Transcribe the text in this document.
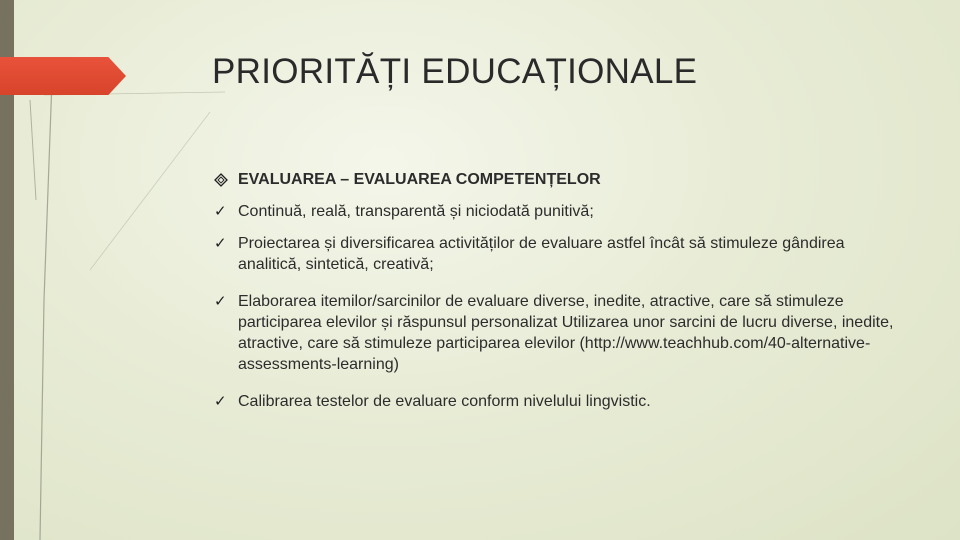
PRIORITĂȚI EDUCAȚIONALE
EVALUAREA – EVALUAREA COMPETENȚELOR
✓ Continuă, reală, transparentă și niciodată punitivă;
✓ Proiectarea și diversificarea activităților de evaluare astfel încât să stimuleze gândirea analitică, sintetică, creativă;
✓ Elaborarea itemilor/sarcinilor de evaluare diverse, inedite, atractive, care să stimuleze participarea elevilor și răspunsul personalizat Utilizarea unor sarcini de lucru diverse, inedite, atractive, care să stimuleze participarea elevilor (http://www.teachhub.com/40-alternative-assessments-learning)
✓ Calibrarea testelor de evaluare conform nivelului lingvistic.
